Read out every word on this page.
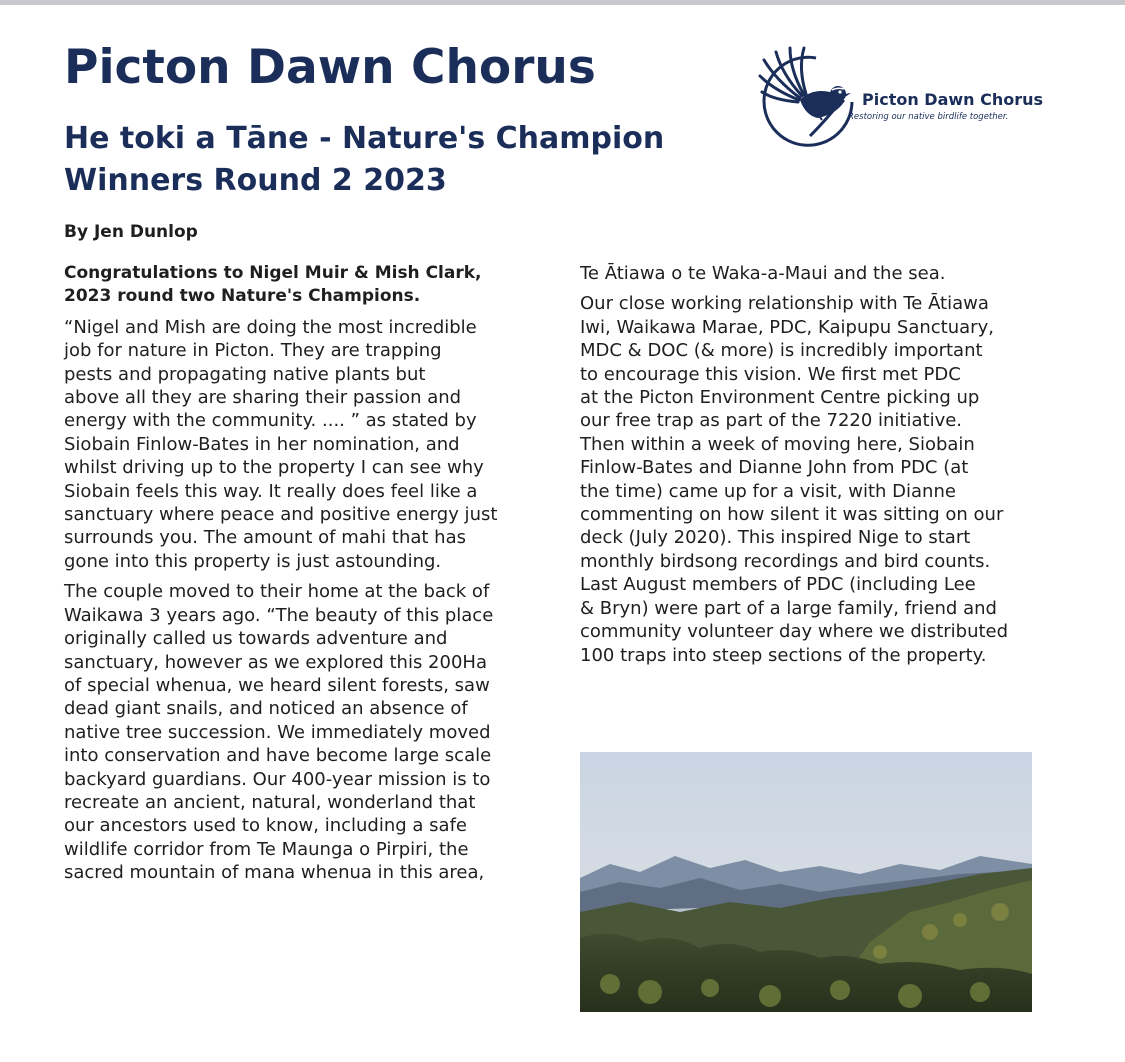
Picton Dawn Chorus
He toki a Tāne - Nature's Champion Winners Round 2 2023
By Jen Dunlop
Picton Dawn Chorus
Restoring our native birdlife together.

Congratulations to Nigel Muir & Mish Clark,

2023 round two Nature's Champions.

“Nigel and Mish are doing the most incredible

job for nature in Picton. They are trapping

pests and propagating native plants but

above all they are sharing their passion and

energy with the community. .... ” as stated by

Siobain Finlow-Bates in her nomination, and

whilst driving up to the property I can see why

Siobain feels this way. It really does feel like a

sanctuary where peace and positive energy just

surrounds you. The amount of mahi that has

gone into this property is just astounding.

The couple moved to their home at the back of

Waikawa 3 years ago. “The beauty of this place

originally called us towards adventure and

sanctuary, however as we explored this 200Ha

of special whenua, we heard silent forests, saw

dead giant snails, and noticed an absence of

native tree succession. We immediately moved

into conservation and have become large scale

backyard guardians. Our 400-year mission is to

recreate an ancient, natural, wonderland that

our ancestors used to know, including a safe

wildlife corridor from Te Maunga o Pirpiri, the

sacred mountain of mana whenua in this area,

Te Ātiawa o te Waka-a-Maui and the sea.

Our close working relationship with Te Ātiawa

Iwi, Waikawa Marae, PDC, Kaipupu Sanctuary,

MDC & DOC (& more) is incredibly important

to encourage this vision. We first met PDC

at the Picton Environment Centre picking up

our free trap as part of the 7220 initiative.

Then within a week of moving here, Siobain

Finlow-Bates and Dianne John from PDC (at

the time) came up for a visit, with Dianne

commenting on how silent it was sitting on our

deck (July 2020). This inspired Nige to start

monthly birdsong recordings and bird counts.

Last August members of PDC (including Lee

& Bryn) were part of a large family, friend and

community volunteer day where we distributed

100 traps into steep sections of the property.
